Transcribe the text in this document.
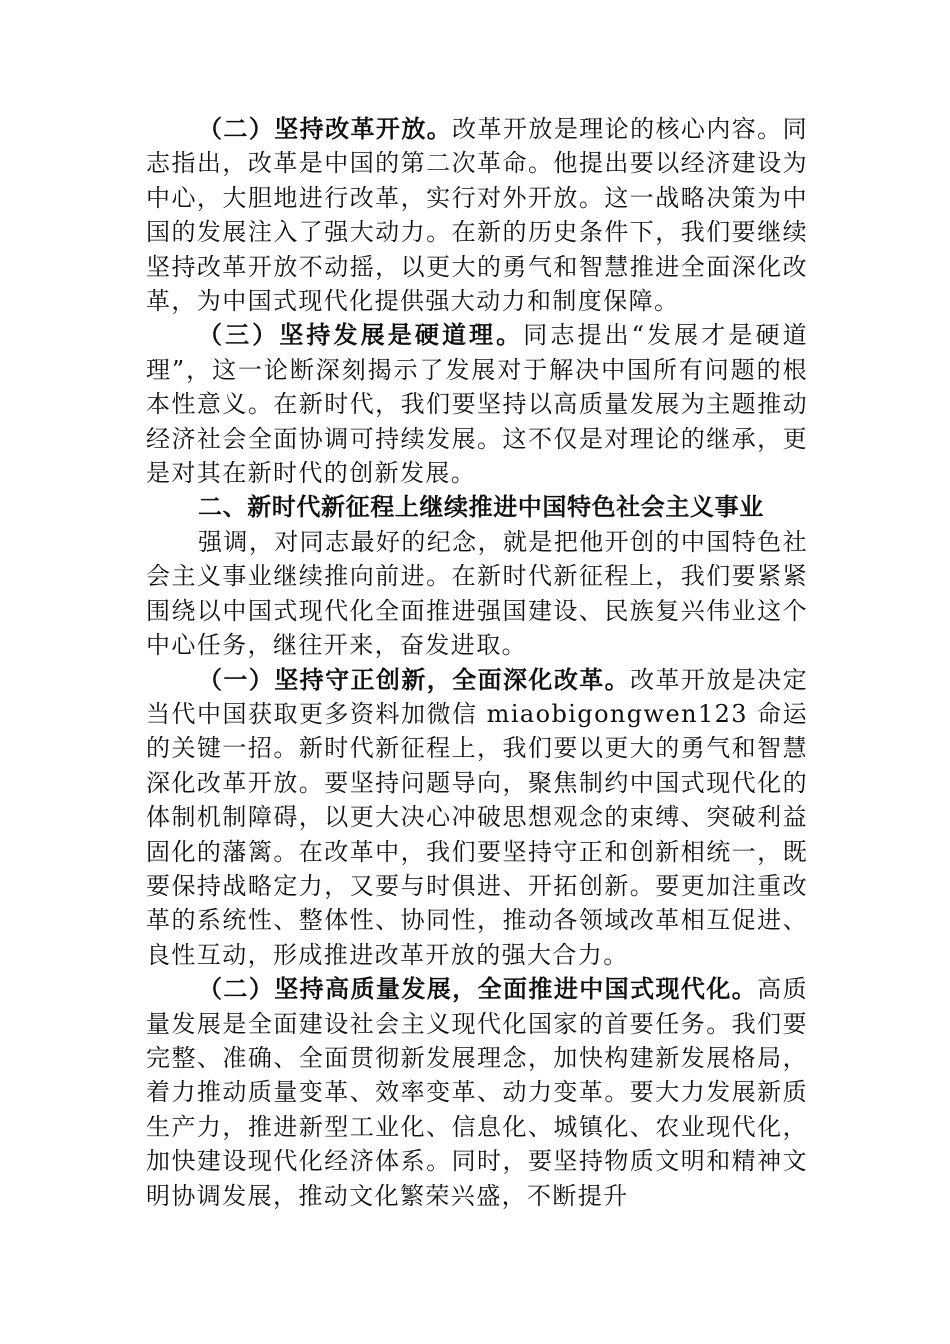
（二）坚持改革开放。改革开放是理论的核心内容。同志指出，改革是中国的第二次革命。他提出要以经济建设为中心，大胆地进行改革，实行对外开放。这一战略决策为中国的发展注入了强大动力。在新的历史条件下，我们要继续坚持改革开放不动摇，以更大的勇气和智慧推进全面深化改革，为中国式现代化提供强大动力和制度保障。

（三）坚持发展是硬道理。同志提出“发展才是硬道理”，这一论断深刻揭示了发展对于解决中国所有问题的根本性意义。在新时代，我们要坚持以高质量发展为主题推动经济社会全面协调可持续发展。这不仅是对理论的继承，更是对其在新时代的创新发展。

二、新时代新征程上继续推进中国特色社会主义事业

强调，对同志最好的纪念，就是把他开创的中国特色社会主义事业继续推向前进。在新时代新征程上，我们要紧紧围绕以中国式现代化全面推进强国建设、民族复兴伟业这个中心任务，继往开来，奋发进取。

（一）坚持守正创新，全面深化改革。改革开放是决定当代中国获取更多资料加微信 miaobigongwen123 命运的关键一招。新时代新征程上，我们要以更大的勇气和智慧深化改革开放。要坚持问题导向，聚焦制约中国式现代化的体制机制障碍，以更大决心冲破思想观念的束缚、突破利益固化的藩篱。在改革中，我们要坚持守正和创新相统一，既要保持战略定力，又要与时俱进、开拓创新。要更加注重改革的系统性、整体性、协同性，推动各领域改革相互促进、良性互动，形成推进改革开放的强大合力。

（二）坚持高质量发展，全面推进中国式现代化。高质量发展是全面建设社会主义现代化国家的首要任务。我们要完整、准确、全面贯彻新发展理念，加快构建新发展格局，着力推动质量变革、效率变革、动力变革。要大力发展新质生产力，推进新型工业化、信息化、城镇化、农业现代化，加快建设现代化经济体系。同时，要坚持物质文明和精神文明协调发展，推动文化繁荣兴盛，不断提升
